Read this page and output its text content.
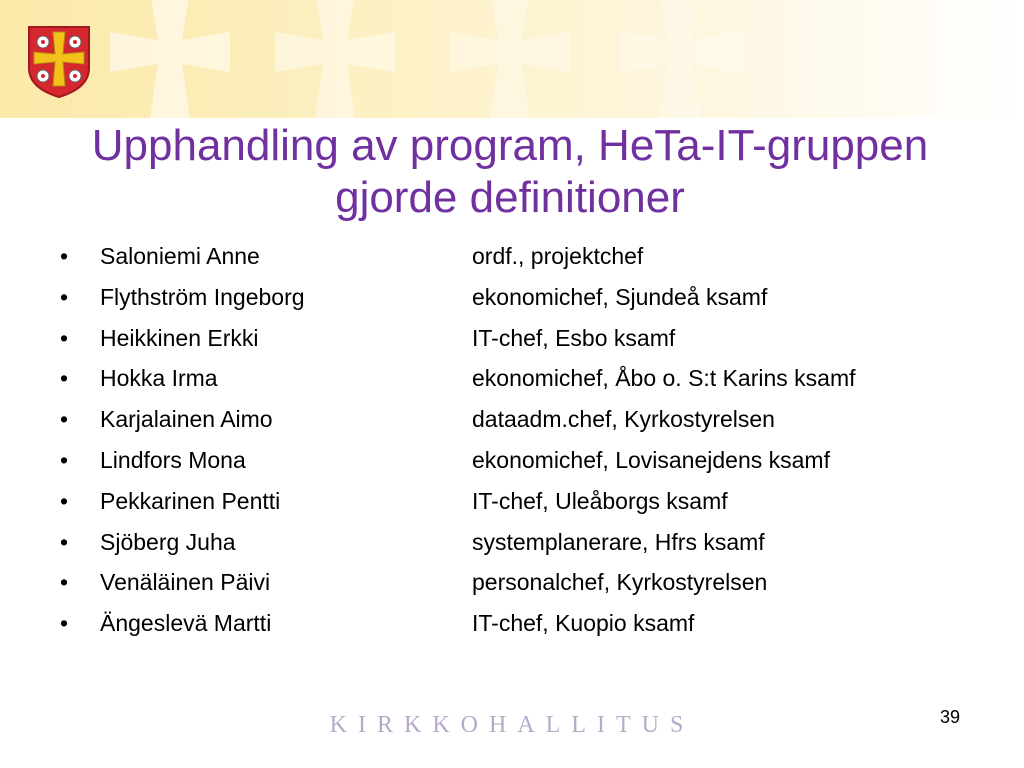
Upphandling av program, HeTa-IT-gruppen gjorde definitioner
• Saloniemi Anne	ordf., projektchef
• Flythström Ingeborg	ekonomichef, Sjundeå ksamf
• Heikkinen Erkki	IT-chef, Esbo ksamf
• Hokka Irma	ekonomichef, Åbo o. S:t Karins ksamf
• Karjalainen Aimo	dataadm.chef, Kyrkostyrelsen
• Lindfors Mona	ekonomichef, Lovisanejdens ksamf
• Pekkarinen Pentti	IT-chef, Uleåborgs ksamf
• Sjöberg Juha	systemplanerare, Hfrs ksamf
• Venäläinen Päivi	personalchef, Kyrkostyrelsen
• Ängeslevä Martti	IT-chef, Kuopio ksamf
KIRKKOHALLITUS	39
